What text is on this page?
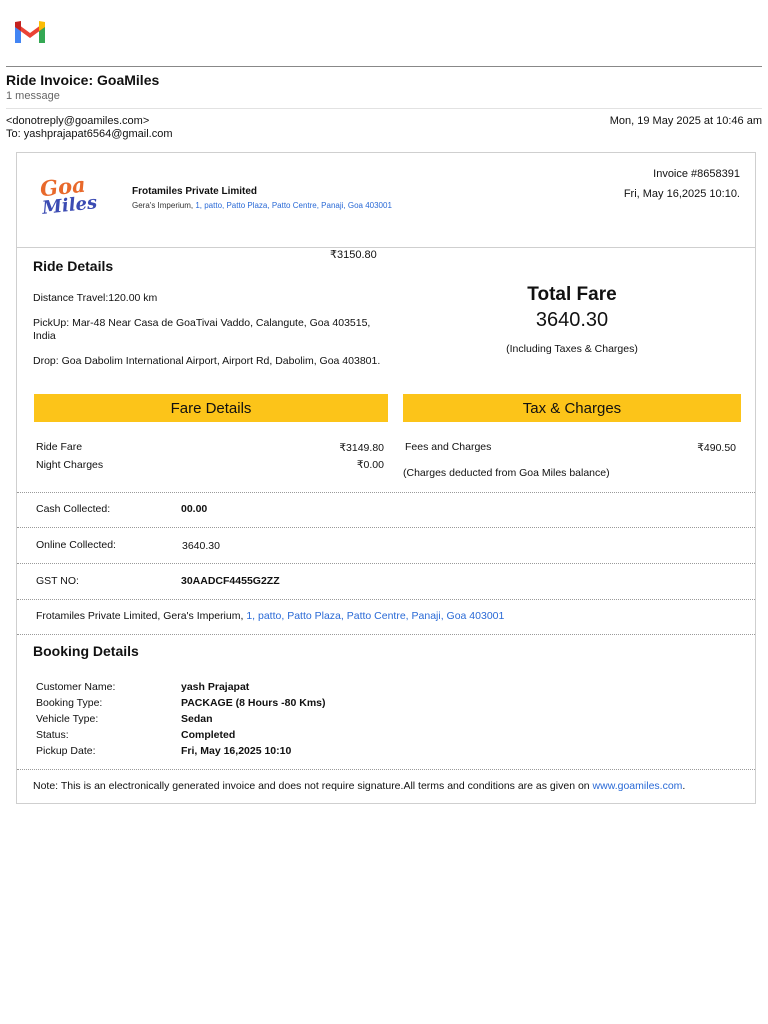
Ride Invoice: GoaMiles
1 message
<donotreply@goamiles.com>
To: yashprajapat6564@gmail.com
Mon, 19 May 2025 at 10:46 am
Goa
Miles
Frotamiles Private Limited
Gera's Imperium, 1, patto, Patto Plaza, Patto Centre, Panaji, Goa 403001
Invoice #8658391
Fri, May 16,2025 10:10.
Ride Details
₹3150.80
Distance Travel:120.00 km
PickUp: Mar-48 Near Casa de GoaTivai Vaddo, Calangute, Goa 403515, India
Drop: Goa Dabolim International Airport, Airport Rd, Dabolim, Goa 403801.
Total Fare
3640.30
(Including Taxes & Charges)
Fare Details	Tax & Charges
Ride Fare	₹3149.80
Night Charges	₹0.00
Fees and Charges	₹490.50
(Charges deducted from Goa Miles balance)
Cash Collected:	00.00
Online Collected:	3640.30
GST NO:	30AADCF4455G2ZZ
Frotamiles Private Limited, Gera's Imperium, 1, patto, Patto Plaza, Patto Centre, Panaji, Goa 403001
Booking Details
Customer Name:	yash Prajapat
Booking Type:	PACKAGE (8 Hours -80 Kms)
Vehicle Type:	Sedan
Status:	Completed
Pickup Date:	Fri, May 16,2025 10:10
Note: This is an electronically generated invoice and does not require signature.All terms and conditions are as given on www.goamiles.com.
